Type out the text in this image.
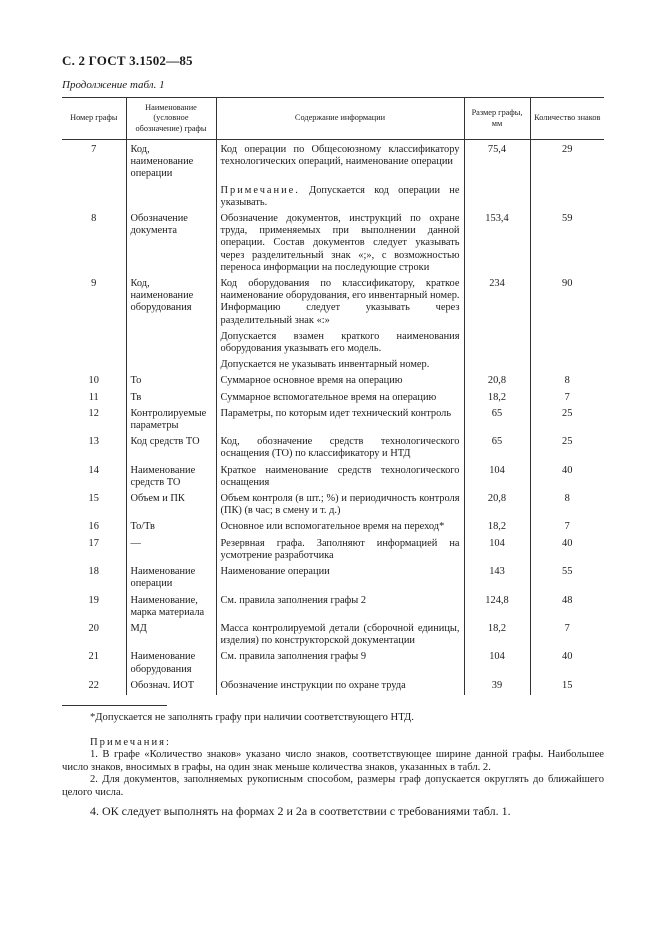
С. 2 ГОСТ 3.1502—85
Продолжение табл. 1
Номер графы	Наименование (условное обозначение) графы	Содержание информации	Размер графы, мм	Количество знаков
7	Код, наименование операции	Код операции по Общесоюзному классификатору технологических операций, наименование операции	75,4	29
		Примечание. Допускается код операции не указывать.		
8	Обозначение документа	Обозначение документов, инструкций по охране труда, применяемых при выполнении данной операции. Состав документов следует указывать через разделительный знак «;», с возможностью переноса информации на последующие строки	153,4	59
9	Код, наименование оборудования	Код оборудования по классификатору, краткое наименование оборудования, его инвентарный номер. Информацию следует указывать через разделительный знак «:»	234	90
		Допускается взамен краткого наименования оборудования указывать его модель.		
		Допускается не указывать инвентарный номер.		
10	То	Суммарное основное время на операцию	20,8	8
11	Тв	Суммарное вспомогательное время на операцию	18,2	7
12	Контролируемые параметры	Параметры, по которым идет технический контроль	65	25
13	Код средств ТО	Код, обозначение средств технологического оснащения (ТО) по классификатору и НТД	65	25
14	Наименование средств ТО	Краткое наименование средств технологического оснащения	104	40
15	Объем и ПК	Объем контроля (в шт.; %) и периодичность контроля (ПК) (в час; в смену и т. д.)	20,8	8
16	То/Тв	Основное или вспомогательное время на переход*	18,2	7
17	—	Резервная графа. Заполняют информацией на усмотрение разработчика	104	40
18	Наименование операции	Наименование операции	143	55
19	Наименование, марка материала	См. правила заполнения графы 2	124,8	48
20	МД	Масса контролируемой детали (сборочной единицы, изделия) по конструкторской документации	18,2	7
21	Наименование оборудования	См. правила заполнения графы 9	104	40
22	Обознач. ИОТ	Обозначение инструкции по охране труда	39	15
*Допускается не заполнять графу при наличии соответствующего НТД.
Примечания:
1. В графе «Количество знаков» указано число знаков, соответствующее ширине данной графы. Наибольшее число знаков, вносимых в графы, на один знак меньше количества знаков, указанных в табл. 2.
2. Для документов, заполняемых рукописным способом, размеры граф допускается округлять до ближайшего целого числа.
4. ОК следует выполнять на формах 2 и 2а в соответствии с требованиями табл. 1.
